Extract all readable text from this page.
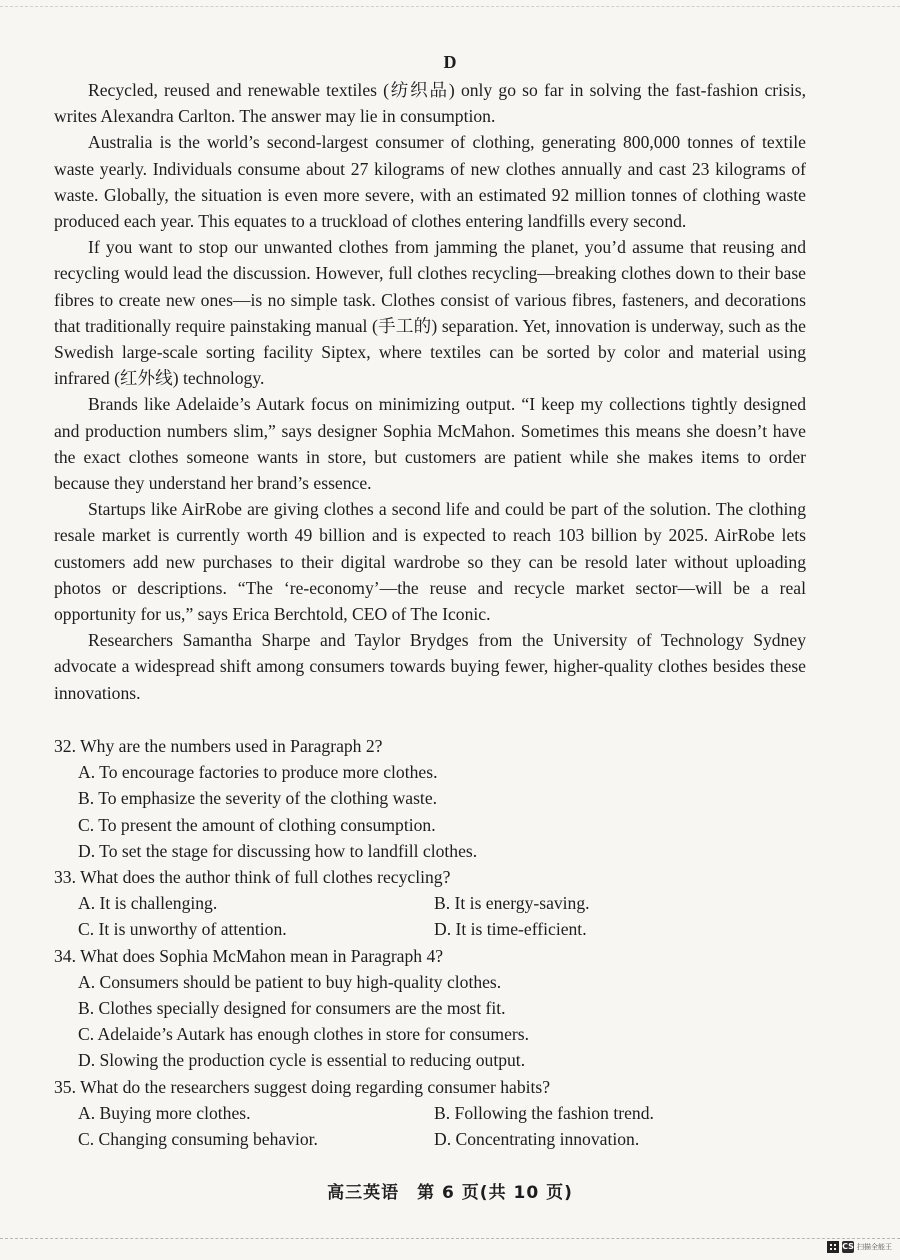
D

Recycled, reused and renewable textiles (纺织品) only go so far in solving the fast-fashion crisis, writes Alexandra Carlton. The answer may lie in consumption.

Australia is the world’s second-largest consumer of clothing, generating 800,000 tonnes of textile waste yearly. Individuals consume about 27 kilograms of new clothes annually and cast 23 kilograms of waste. Globally, the situation is even more severe, with an estimated 92 million tonnes of clothing waste produced each year. This equates to a truckload of clothes entering landfills every second.

If you want to stop our unwanted clothes from jamming the planet, you’d assume that reusing and recycling would lead the discussion. However, full clothes recycling—breaking clothes down to their base fibres to create new ones—is no simple task. Clothes consist of various fibres, fasteners, and decorations that traditionally require painstaking manual (手工的) separation. Yet, innovation is underway, such as the Swedish large-scale sorting facility Siptex, where textiles can be sorted by color and material using infrared (红外线) technology.

Brands like Adelaide’s Autark focus on minimizing output. “I keep my collections tightly designed and production numbers slim,” says designer Sophia McMahon. Sometimes this means she doesn’t have the exact clothes someone wants in store, but customers are patient while she makes items to order because they understand her brand’s essence.

Startups like AirRobe are giving clothes a second life and could be part of the solution. The clothing resale market is currently worth 49 billion and is expected to reach 103 billion by 2025. AirRobe lets customers add new purchases to their digital wardrobe so they can be resold later without uploading photos or descriptions. “The ‘re-economy’—the reuse and recycle market sector—will be a real opportunity for us,” says Erica Berchtold, CEO of The Iconic.

Researchers Samantha Sharpe and Taylor Brydges from the University of Technology Sydney advocate a widespread shift among consumers towards buying fewer, higher-quality clothes besides these innovations.

32. Why are the numbers used in Paragraph 2?

A. To encourage factories to produce more clothes.

B. To emphasize the severity of the clothing waste.

C. To present the amount of clothing consumption.

D. To set the stage for discussing how to landfill clothes.

33. What does the author think of full clothes recycling?

A. It is challenging.	B. It is energy-saving.
C. It is unworthy of attention.	D. It is time-efficient.

34. What does Sophia McMahon mean in Paragraph 4?

A. Consumers should be patient to buy high-quality clothes.

B. Clothes specially designed for consumers are the most fit.

C. Adelaide’s Autark has enough clothes in store for consumers.

D. Slowing the production cycle is essential to reducing output.

35. What do the researchers suggest doing regarding consumer habits?

A. Buying more clothes.	B. Following the fashion trend.
C. Changing consuming behavior.	D. Concentrating innovation.
高三英语　第 6 页(共 10 页)
CS 扫描全能王
